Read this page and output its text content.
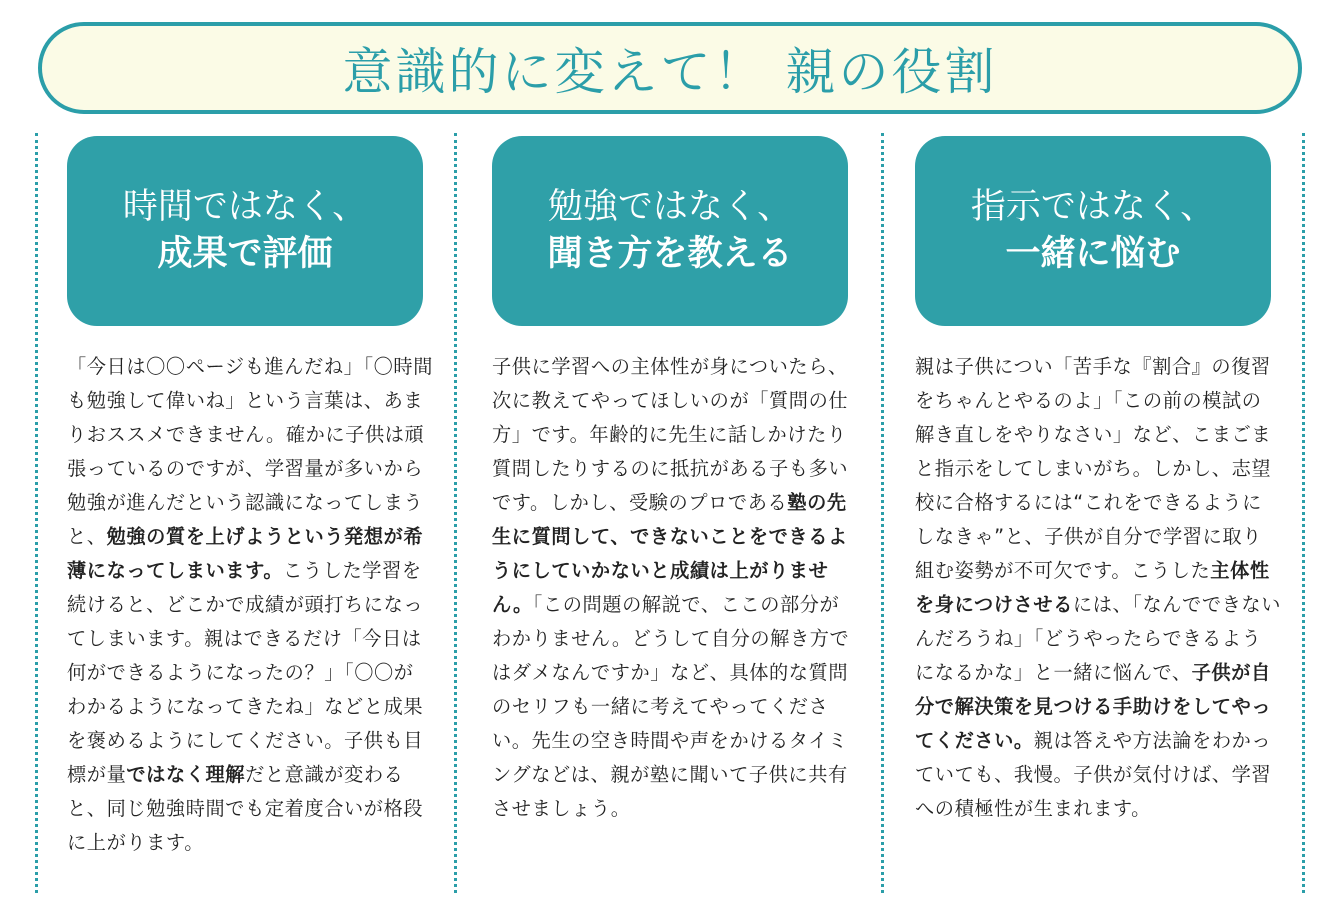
意識的に変えて！ 親の役割
時間ではなく、
成果で評価
「今日は〇〇ページも進んだね」「〇時間も勉強して偉いね」という言葉は、あまりおススメできません。確かに子供は頑張っているのですが、学習量が多いから勉強が進んだという認識になってしまうと、勉強の質を上げようという発想が希薄になってしまいます。こうした学習を続けると、どこかで成績が頭打ちになってしまいます。親はできるだけ「今日は何ができるようになったの？」「〇〇がわかるようになってきたね」などと成果を褒めるようにしてください。子供も目標が量ではなく理解だと意識が変わると、同じ勉強時間でも定着度合いが格段に上がります。
勉強ではなく、
聞き方を教える
子供に学習への主体性が身についたら、次に教えてやってほしいのが「質問の仕方」です。年齢的に先生に話しかけたり質問したりするのに抵抗がある子も多いです。しかし、受験のプロである塾の先生に質問して、できないことをできるようにしていかないと成績は上がりません。「この問題の解説で、ここの部分がわかりません。どうして自分の解き方ではダメなんですか」など、具体的な質問のセリフも一緒に考えてやってください。先生の空き時間や声をかけるタイミングなどは、親が塾に聞いて子供に共有させましょう。
指示ではなく、
一緒に悩む
親は子供につい「苦手な『割合』の復習をちゃんとやるのよ」「この前の模試の解き直しをやりなさい」など、こまごまと指示をしてしまいがち。しかし、志望校に合格するには“これをできるようにしなきゃ”と、子供が自分で学習に取り組む姿勢が不可欠です。こうした主体性を身につけさせるには、「なんでできないんだろうね」「どうやったらできるようになるかな」と一緒に悩んで、子供が自分で解決策を見つける手助けをしてやってください。親は答えや方法論をわかっていても、我慢。子供が気付けば、学習への積極性が生まれます。
